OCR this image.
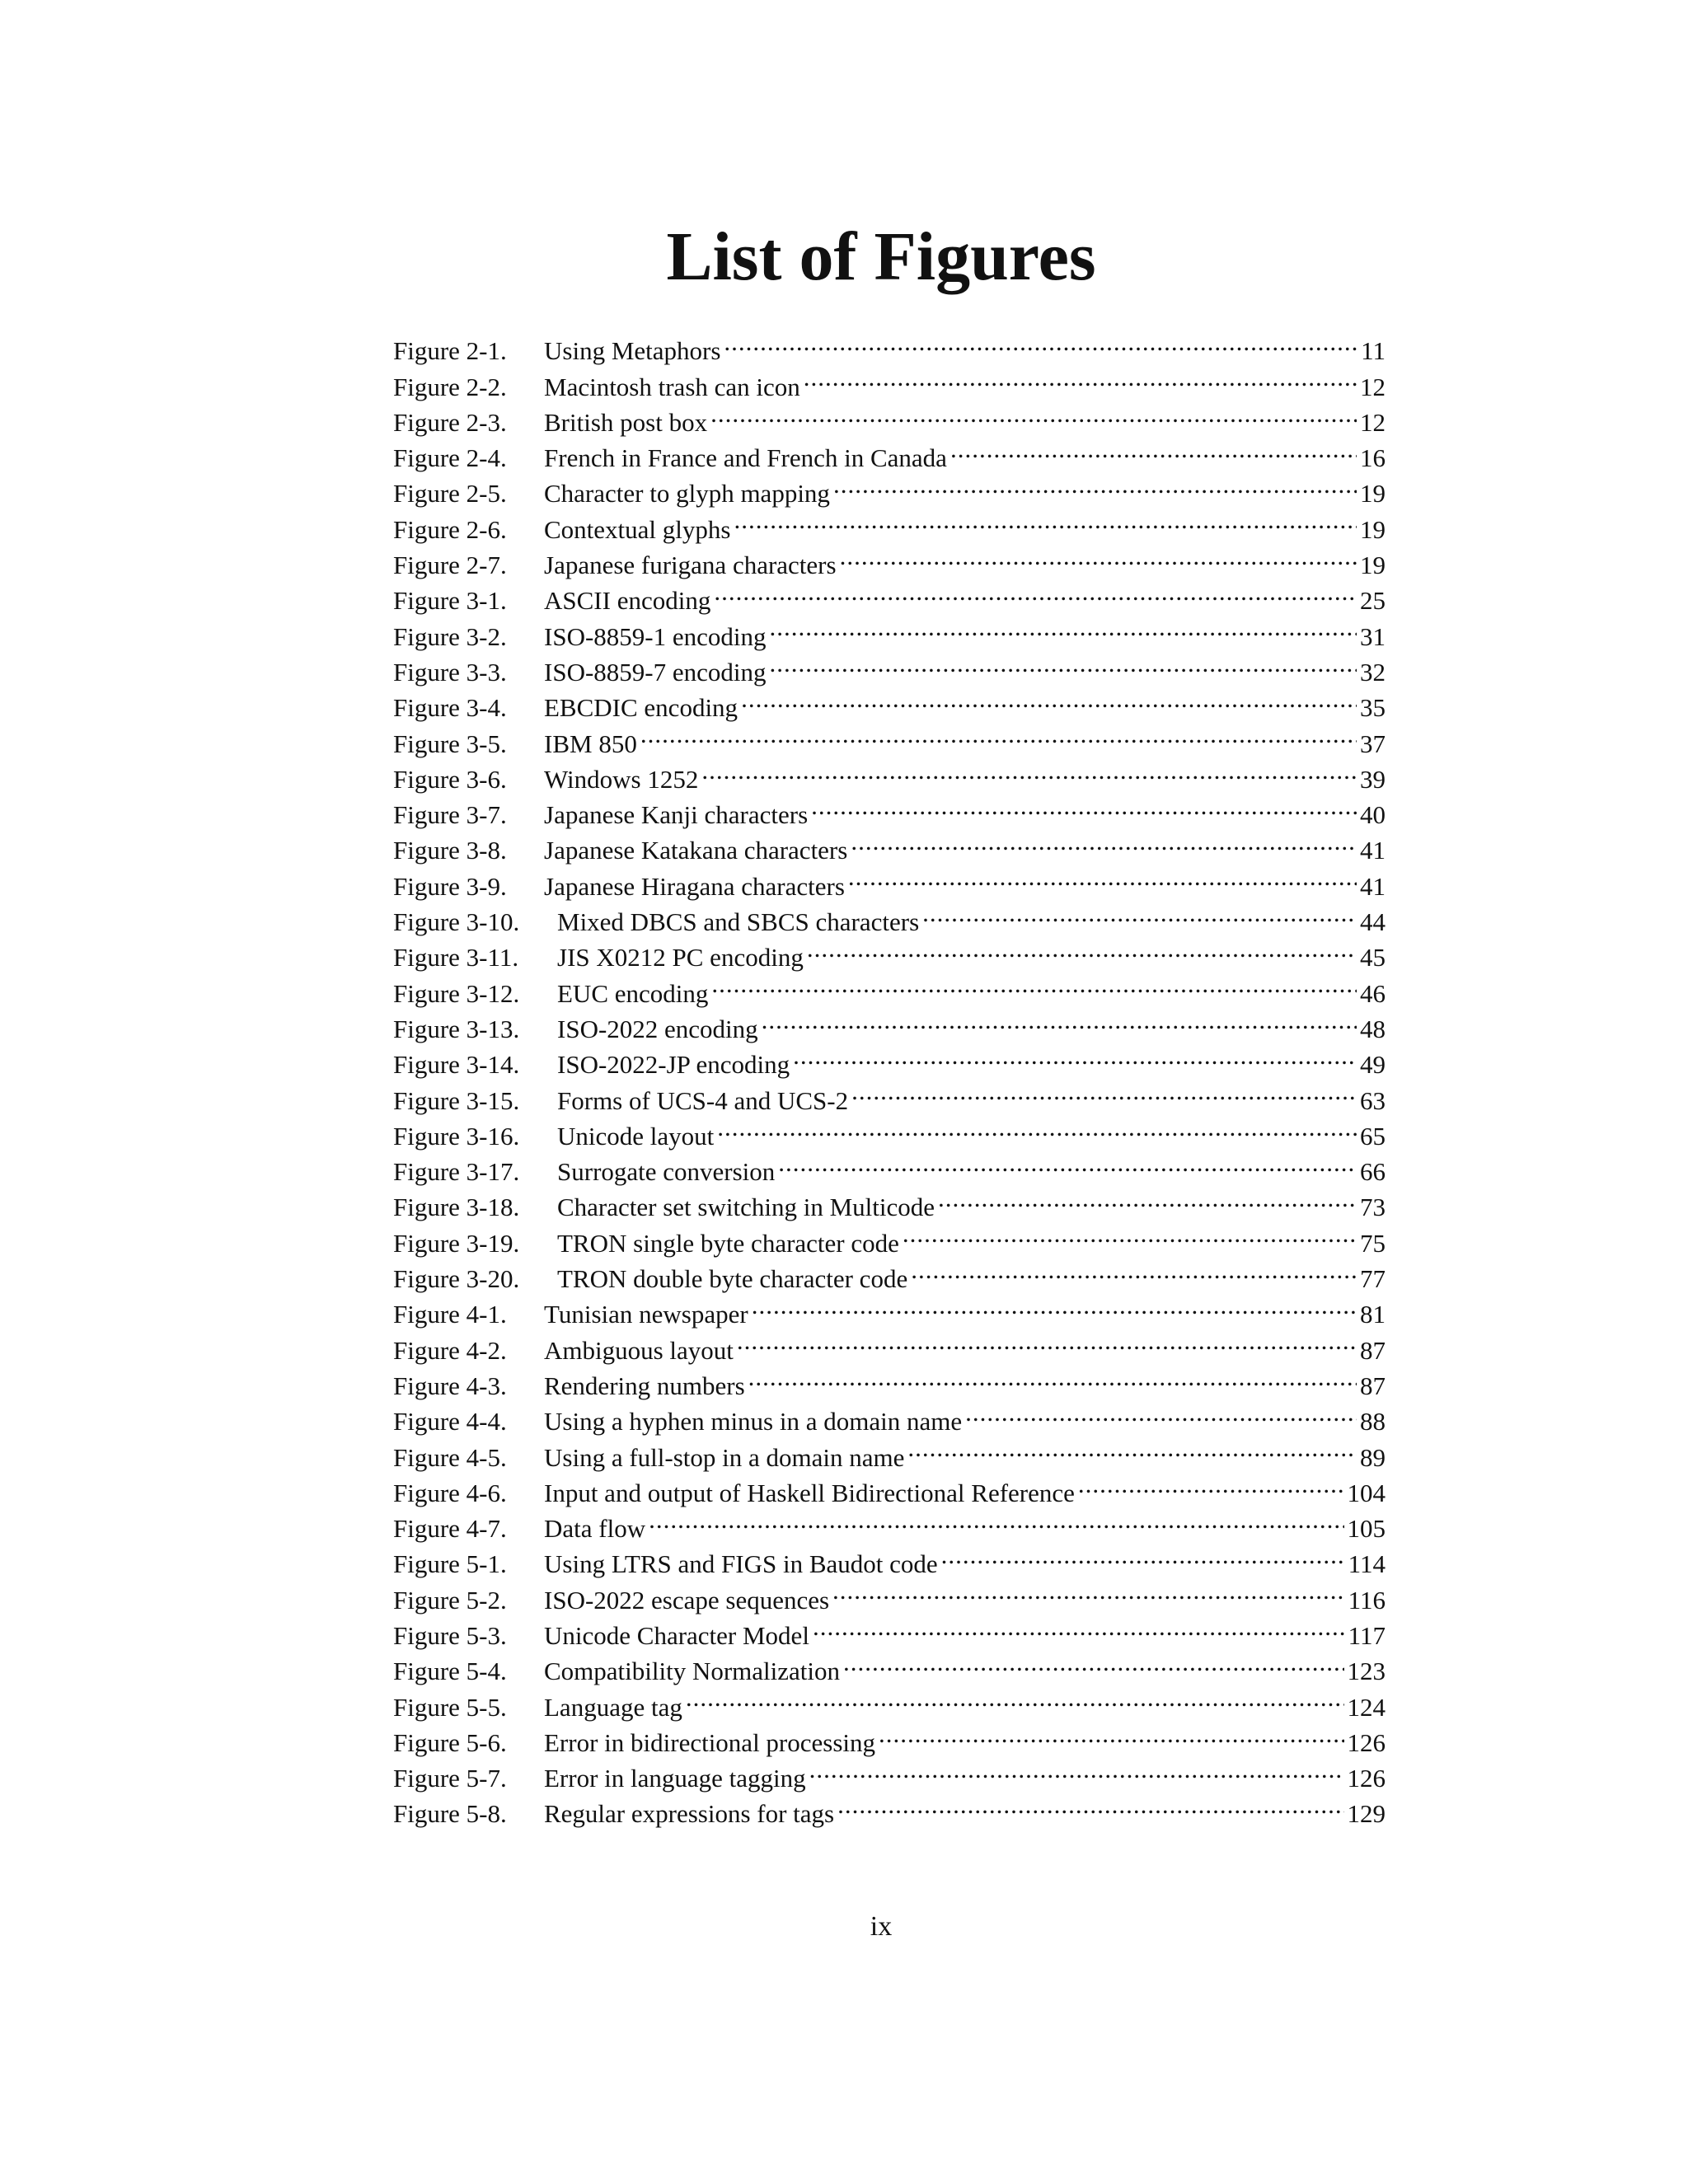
List of Figures
Figure 2-1.	Using Metaphors .....	11
Figure 2-2.	Macintosh trash can icon .....	12
Figure 2-3.	British post box .....	12
Figure 2-4.	French in France and French in Canada .....	16
Figure 2-5.	Character to glyph mapping .....	19
Figure 2-6.	Contextual glyphs .....	19
Figure 2-7.	Japanese furigana characters .....	19
Figure 3-1.	ASCII encoding .....	25
Figure 3-2.	ISO-8859-1 encoding .....	31
Figure 3-3.	ISO-8859-7 encoding .....	32
Figure 3-4.	EBCDIC encoding .....	35
Figure 3-5.	IBM 850 .....	37
Figure 3-6.	Windows 1252 .....	39
Figure 3-7.	Japanese Kanji characters .....	40
Figure 3-8.	Japanese Katakana characters .....	41
Figure 3-9.	Japanese Hiragana characters .....	41
Figure 3-10.	Mixed DBCS and SBCS characters .....	44
Figure 3-11.	JIS X0212 PC encoding .....	45
Figure 3-12.	EUC encoding .....	46
Figure 3-13.	ISO-2022 encoding .....	48
Figure 3-14.	ISO-2022-JP encoding .....	49
Figure 3-15.	Forms of UCS-4 and UCS-2 .....	63
Figure 3-16.	Unicode layout .....	65
Figure 3-17.	Surrogate conversion .....	66
Figure 3-18.	Character set switching in Multicode .....	73
Figure 3-19.	TRON single byte character code .....	75
Figure 3-20.	TRON double byte character code .....	77
Figure 4-1.	Tunisian newspaper .....	81
Figure 4-2.	Ambiguous layout .....	87
Figure 4-3.	Rendering numbers .....	87
Figure 4-4.	Using a hyphen minus in a domain name .....	88
Figure 4-5.	Using a full-stop in a domain name .....	89
Figure 4-6.	Input and output of Haskell Bidirectional Reference .....	104
Figure 4-7.	Data flow .....	105
Figure 5-1.	Using LTRS and FIGS in Baudot code .....	114
Figure 5-2.	ISO-2022 escape sequences .....	116
Figure 5-3.	Unicode Character Model .....	117
Figure 5-4.	Compatibility Normalization .....	123
Figure 5-5.	Language tag .....	124
Figure 5-6.	Error in bidirectional processing .....	126
Figure 5-7.	Error in language tagging .....	126
Figure 5-8.	Regular expressions for tags .....	129
ix
